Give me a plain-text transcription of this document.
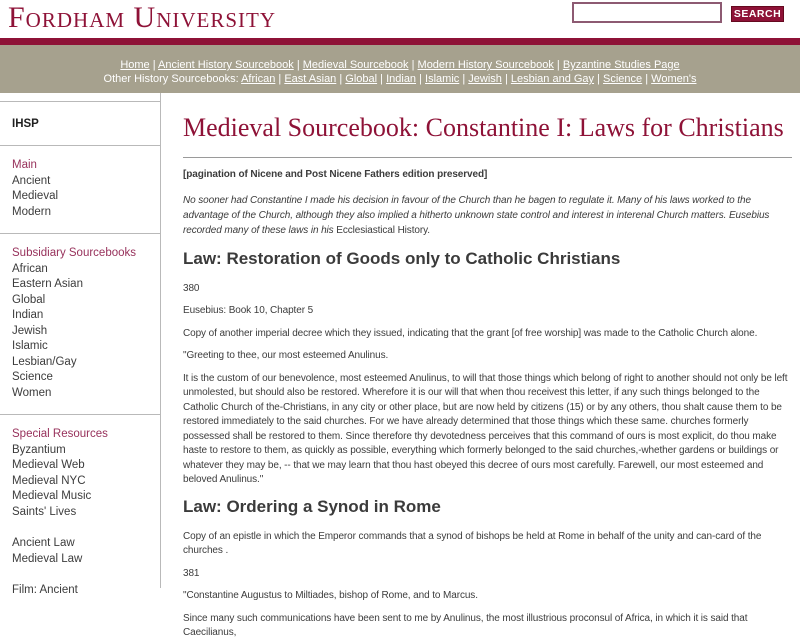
Fordham University	SEARCH
Home | Ancient History Sourcebook | Medieval Sourcebook | Modern History Sourcebook | Byzantine Studies Page
Other History Sourcebooks: African | East Asian | Global | Indian | Islamic | Jewish | Lesbian and Gay | Science | Women's
IHSP
Main
Ancient
Medieval
Modern
Subsidiary Sourcebooks
African
Eastern Asian
Global
Indian
Jewish
Islamic
Lesbian/Gay
Science
Women
Special Resources
Byzantium
Medieval Web
Medieval NYC
Medieval Music
Saints' Lives
Ancient Law
Medieval Law
Film: Ancient
Medieval Sourcebook: Constantine I: Laws for Christians

[pagination of Nicene and Post Nicene Fathers edition preserved]

No sooner had Constantine I made his decision in favour of the Church than he bagen to regulate it. Many of his laws worked to the advantage of the Church, although they also implied a hitherto unknown state control and interest in interenal Church matters. Eusebius recorded many of these laws in his Ecclesiastical History.

Law: Restoration of Goods only to Catholic Christians

380

Eusebius: Book 10, Chapter 5

Copy of another imperial decree which they issued, indicating that the grant [of free worship] was made to the Catholic Church alone.

"Greeting to thee, our most esteemed Anulinus.

It is the custom of our benevolence, most esteemed Anulinus, to will that those things which belong of right to another should not only be left unmolested, but should also be restored. Wherefore it is our will that when thou receivest this letter, if any such things belonged to the Catholic Church of the-Christians, in any city or other place, but are now held by citizens (15) or by any others, thou shalt cause them to be restored immediately to the said churches. For we have already determined that those things which these same. churches formerly possessed shall be restored to them. Since therefore thy devotedness perceives that this command of ours is most explicit, do thou make haste to restore to them, as quickly as possible, everything which formerly belonged to the said churches,-whether gardens or buildings or whatever they may be, -- that we may learn that thou hast obeyed this decree of ours most carefully. Farewell, our most esteemed and beloved Anulinus."

Law: Ordering a Synod in Rome

Copy of an epistle in which the Emperor commands that a synod of bishops be held at Rome in behalf of the unity and can-card of the churches .

381

"Constantine Augustus to Miltiades, bishop of Rome, and to Marcus.

Since many such communications have been sent to me by Anulinus, the most illustrious proconsul of Africa, in which it is said that Caecilianus,
